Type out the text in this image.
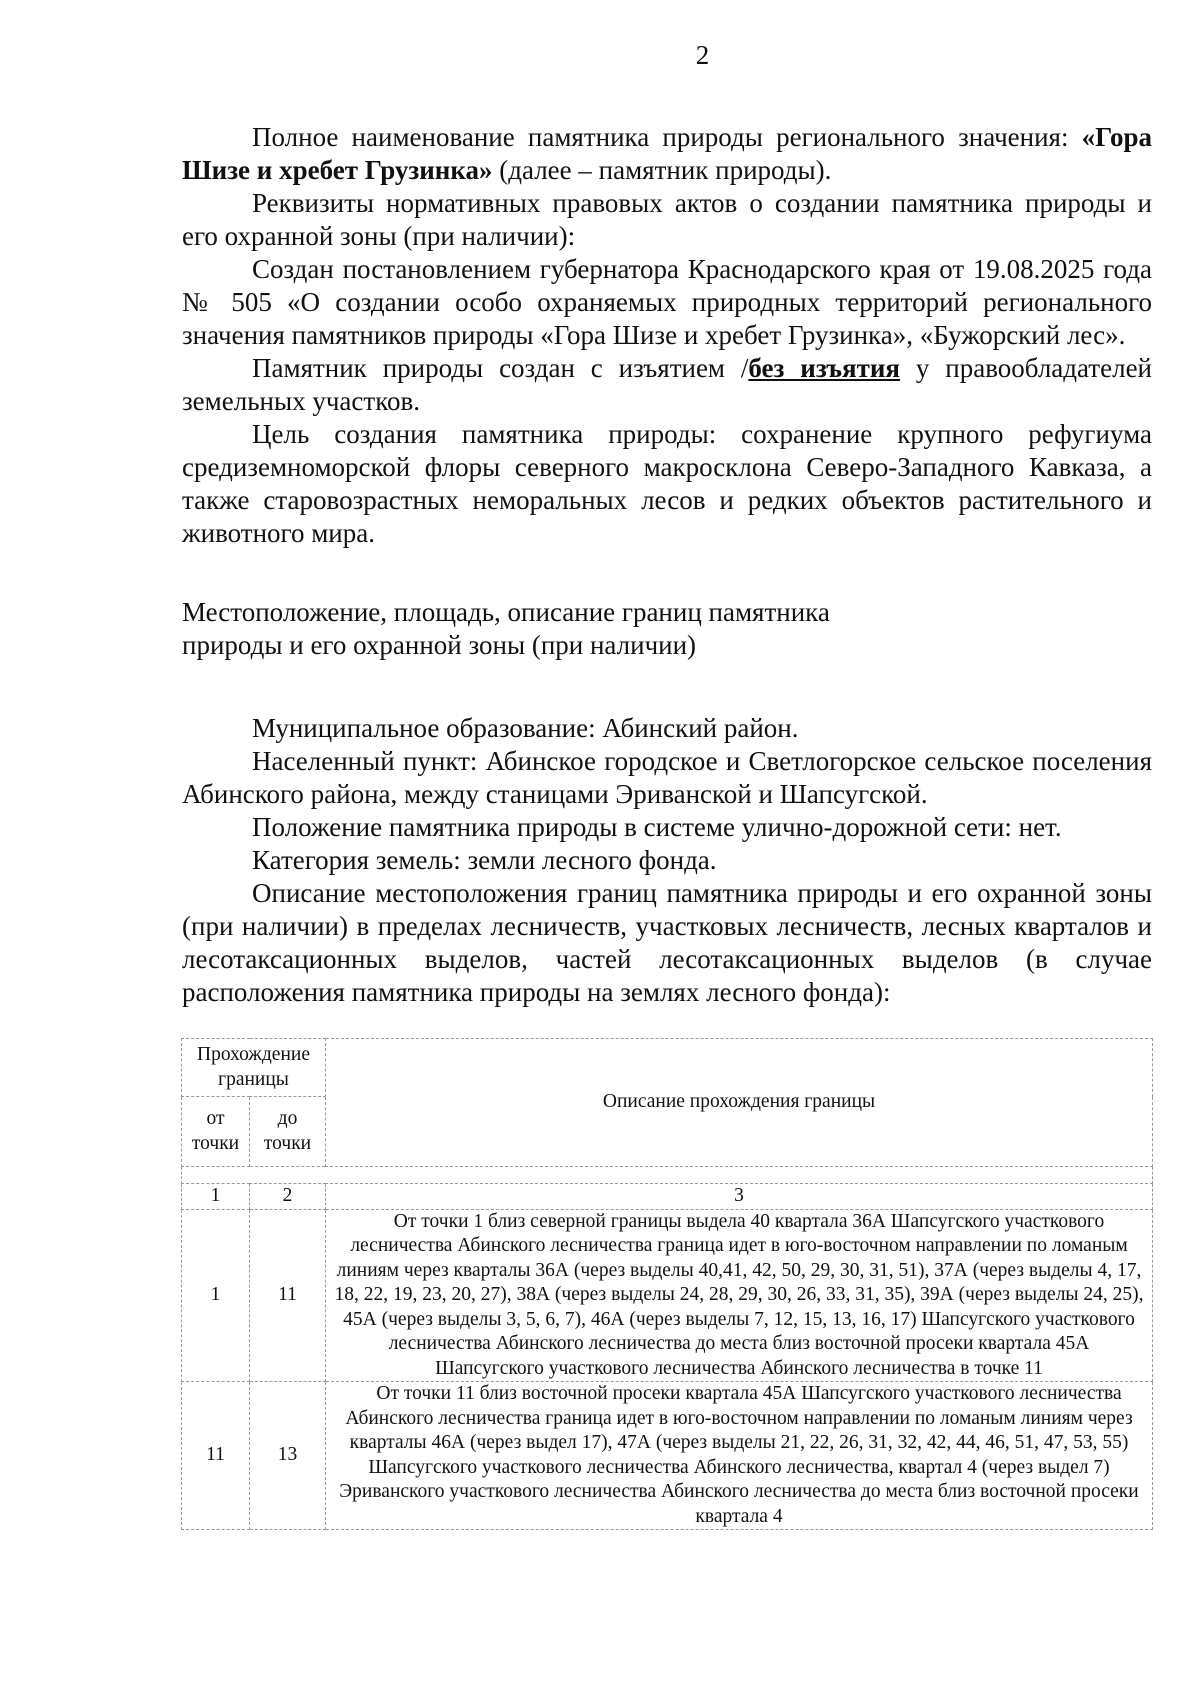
2

Полное наименование памятника природы регионального значения: «Гора Шизе и хребет Грузинка» (далее – памятник природы).

Реквизиты нормативных правовых актов о создании памятника природы и его охранной зоны (при наличии):

Создан постановлением губернатора Краснодарского края от 19.08.2025 года № 505 «О создании особо охраняемых природных территорий регионального значения памятников природы «Гора Шизе и хребет Грузинка», «Бужорский лес».

Памятник природы создан с изъятием /без изъятия у правообладателей земельных участков.

Цель создания памятника природы: сохранение крупного рефугиума средиземноморской флоры северного макросклона Северо-Западного Кавказа, а также старовозрастных неморальных лесов и редких объектов растительного и животного мира.

Местоположение, площадь, описание границ памятника
природы и его охранной зоны (при наличии)

Муниципальное образование: Абинский район.

Населенный пункт: Абинское городское и Светлогорское сельское поселения Абинского района, между станицами Эриванской и Шапсугской.

Положение памятника природы в системе улично-дорожной сети: нет.

Категория земель: земли лесного фонда.

Описание местоположения границ памятника природы и его охранной зоны (при наличии) в пределах лесничеств, участковых лесничеств, лесных кварталов и лесотаксационных выделов, частей лесотаксационных выделов (в случае расположения памятника природы на землях лесного фонда):

Прохождение границы		Описание прохождения границы
от точки	до точки	

1	2	3
1	11	От точки 1 близ северной границы выдела 40 квартала 36А Шапсугского участкового лесничества Абинского лесничества граница идет в юго-восточном направлении по ломаным линиям через кварталы 36А (через выделы 40,41, 42, 50, 29, 30, 31, 51), 37А (через выделы 4, 17, 18, 22, 19, 23, 20, 27), 38А (через выделы 24, 28, 29, 30, 26, 33, 31, 35), 39А (через выделы 24, 25), 45А (через выделы 3, 5, 6, 7), 46А (через выделы 7, 12, 15, 13, 16, 17) Шапсугского участкового лесничества Абинского лесничества до места близ восточной просеки квартала 45А Шапсугского участкового лесничества Абинского лесничества в точке 11
11	13	От точки 11 близ восточной просеки квартала 45А Шапсугского участкового лесничества Абинского лесничества граница идет в юго-восточном направлении по ломаным линиям через кварталы 46А (через выдел 17), 47А (через выделы 21, 22, 26, 31, 32, 42, 44, 46, 51, 47, 53, 55) Шапсугского участкового лесничества Абинского лесничества, квартал 4 (через выдел 7) Эриванского участкового лесничества Абинского лесничества до места близ восточной просеки квартала 4
